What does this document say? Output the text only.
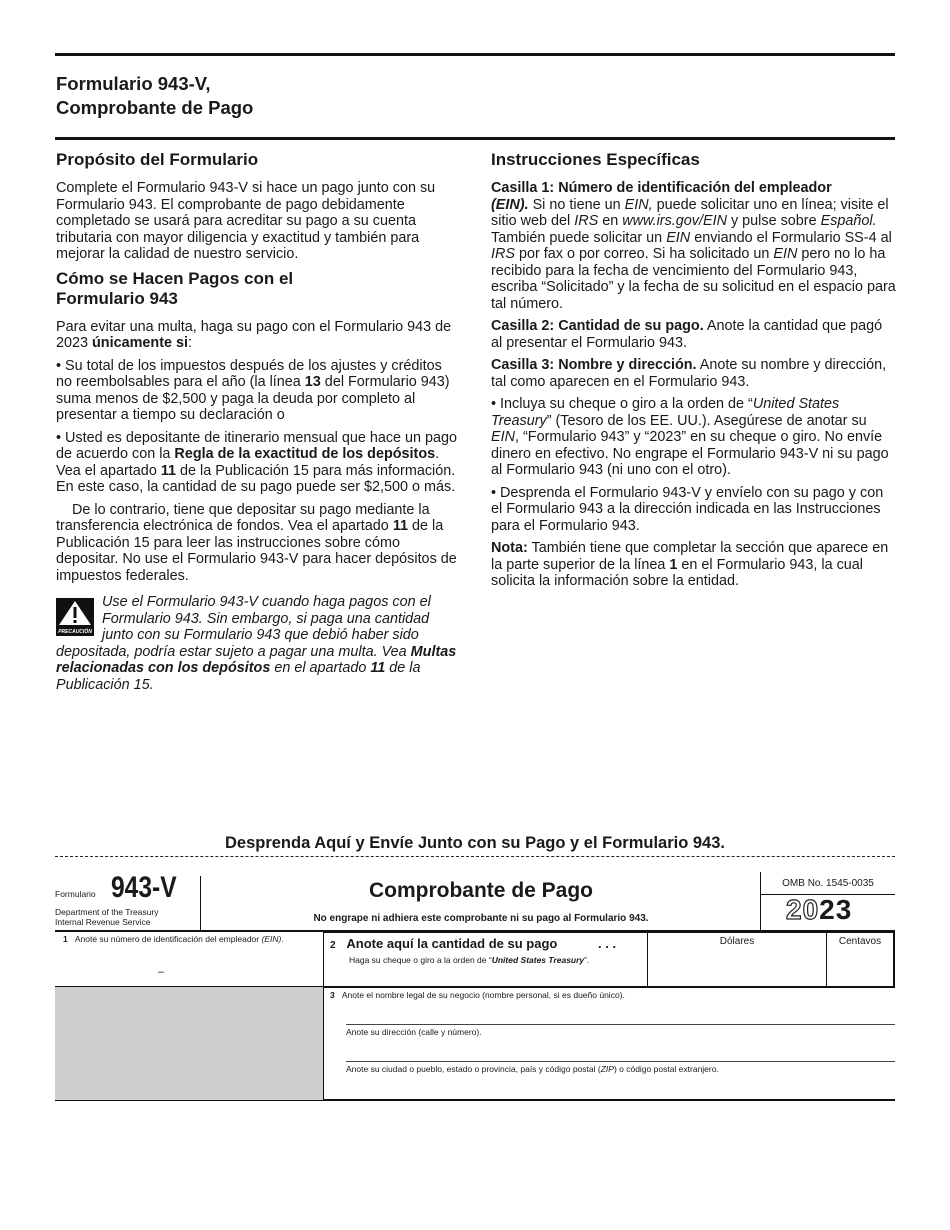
Formulario 943-V,
Comprobante de Pago
Propósito del Formulario

Complete el Formulario 943-V si hace un pago junto con su Formulario 943. El comprobante de pago debidamente completado se usará para acreditar su pago a su cuenta tributaria con mayor diligencia y exactitud y también para mejorar la calidad de nuestro servicio.

Cómo se Hacen Pagos con el
Formulario 943

Para evitar una multa, haga su pago con el Formulario 943 de 2023 únicamente si:

• Su total de los impuestos después de los ajustes y créditos no reembolsables para el año (la línea 13 del Formulario 943) suma menos de $2,500 y paga la deuda por completo al presentar a tiempo su declaración o

• Usted es depositante de itinerario mensual que hace un pago de acuerdo con la Regla de la exactitud de los depósitos. Vea el apartado 11 de la Publicación 15 para más información. En este caso, la cantidad de su pago puede ser $2,500 o más.

De lo contrario, tiene que depositar su pago mediante la transferencia electrónica de fondos. Vea el apartado 11 de la Publicación 15 para leer las instrucciones sobre cómo depositar. No use el Formulario 943-V para hacer depósitos de impuestos federales.

PRECAUCIÓN
Use el Formulario 943-V cuando haga pagos con el Formulario 943. Sin embargo, si paga una cantidad junto con su Formulario 943 que debió haber sido depositada, podría estar sujeto a pagar una multa. Vea Multas relacionadas con los depósitos en el apartado 11 de la Publicación 15.
Instrucciones Específicas

Casilla 1: Número de identificación del empleador
(EIN). Si no tiene un EIN, puede solicitar uno en línea; visite el sitio web del IRS en www.irs.gov/EIN y pulse sobre Español. También puede solicitar un EIN enviando el Formulario SS-4 al IRS por fax o por correo. Si ha solicitado un EIN pero no lo ha recibido para la fecha de vencimiento del Formulario 943, escriba “Solicitado” y la fecha de su solicitud en el espacio para tal número.

Casilla 2: Cantidad de su pago. Anote la cantidad que pagó al presentar el Formulario 943.

Casilla 3: Nombre y dirección. Anote su nombre y dirección, tal como aparecen en el Formulario 943.

• Incluya su cheque o giro a la orden de “United States Treasury” (Tesoro de los EE. UU.). Asegúrese de anotar su EIN, “Formulario 943” y “2023” en su cheque o giro. No envíe dinero en efectivo. No engrape el Formulario 943-V ni su pago al Formulario 943 (ni uno con el otro).

• Desprenda el Formulario 943-V y envíelo con su pago y con el Formulario 943 a la dirección indicada en las Instrucciones para el Formulario 943.

Nota: También tiene que completar la sección que aparece en la parte superior de la línea 1 en el Formulario 943, la cual solicita la información sobre la entidad.

Desprenda Aquí y Envíe Junto con su Pago y el Formulario 943.
Formulario 943-V
Department of the Treasury
Internal Revenue Service
Comprobante de Pago
No engrape ni adhiera este comprobante ni su pago al Formulario 943.
OMB No. 1545-0035
2023
1 Anote su número de identificación del empleador (EIN).
–
2 Anote aquí la cantidad de su pago	. . .
Haga su cheque o giro a la orden de “United States Treasury”.
Dólares	Centavos
3 Anote el nombre legal de su negocio (nombre personal, si es dueño único).
Anote su dirección (calle y número).
Anote su ciudad o pueblo, estado o provincia, país y código postal (ZIP) o código postal extranjero.
